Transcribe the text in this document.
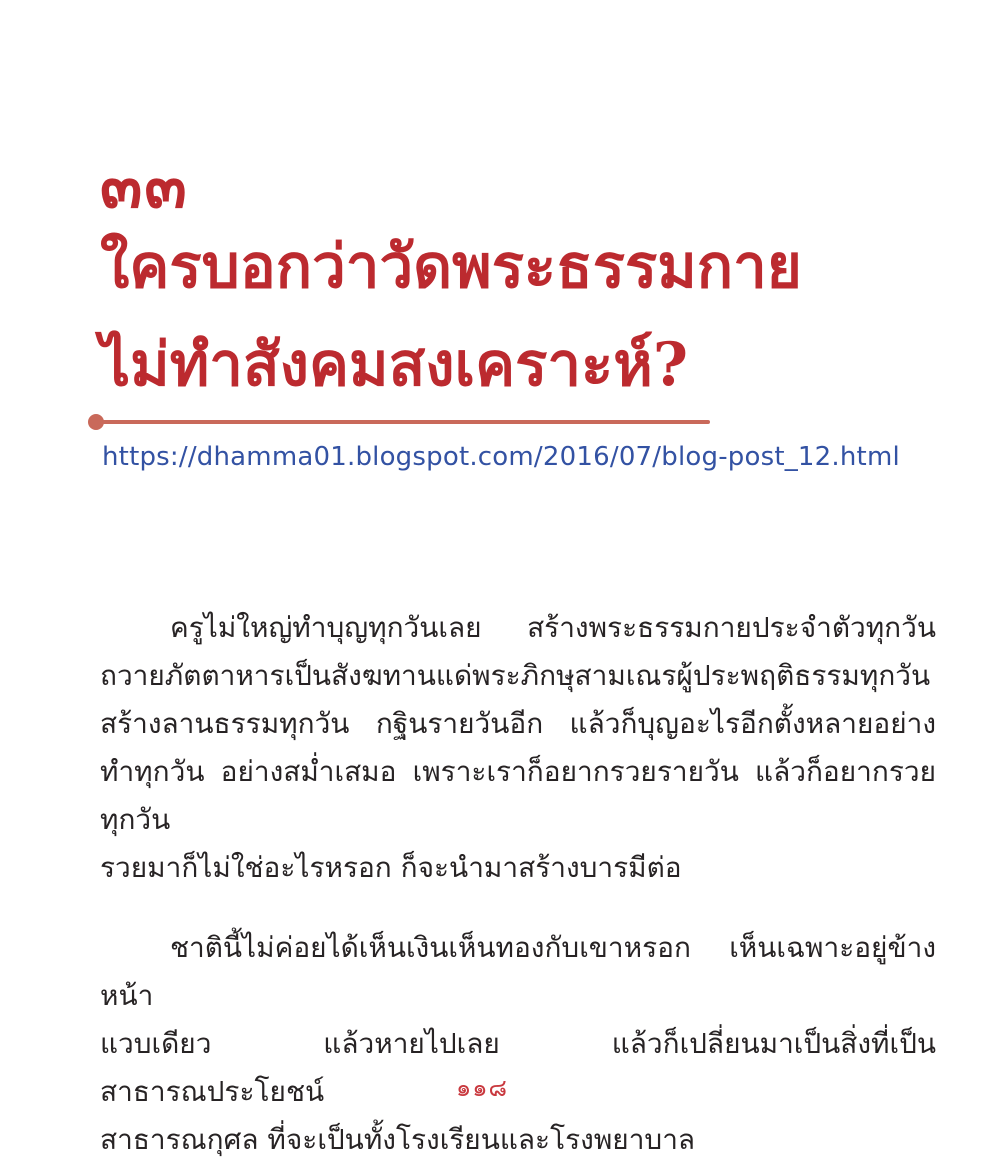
๓๓
ใครบอกว่าวัดพระธรรมกาย
ไม่ทำสังคมสงเคราะห์?
https://dhamma01.blogspot.com/2016/07/blog-post_12.html

ครูไม่ใหญ่ทำบุญทุกวันเลย สร้างพระธรรมกายประจำตัวทุกวัน
ถวายภัตตาหารเป็นสังฆทานแด่พระภิกษุสามเณรผู้ประพฤติธรรมทุกวัน
สร้างลานธรรมทุกวัน กฐินรายวันอีก แล้วก็บุญอะไรอีกตั้งหลายอย่าง
ทำทุกวัน อย่างสม่ำเสมอ เพราะเราก็อยากรวยรายวัน แล้วก็อยากรวยทุกวัน
รวยมาก็ไม่ใช่อะไรหรอก ก็จะนำมาสร้างบารมีต่อ

ชาตินี้ไม่ค่อยได้เห็นเงินเห็นทองกับเขาหรอก เห็นเฉพาะอยู่ข้างหน้า
แวบเดียว แล้วหายไปเลย แล้วก็เปลี่ยนมาเป็นสิ่งที่เป็นสาธารณประโยชน์
สาธารณกุศล ที่จะเป็นทั้งโรงเรียนและโรงพยาบาล

๑๑๘
